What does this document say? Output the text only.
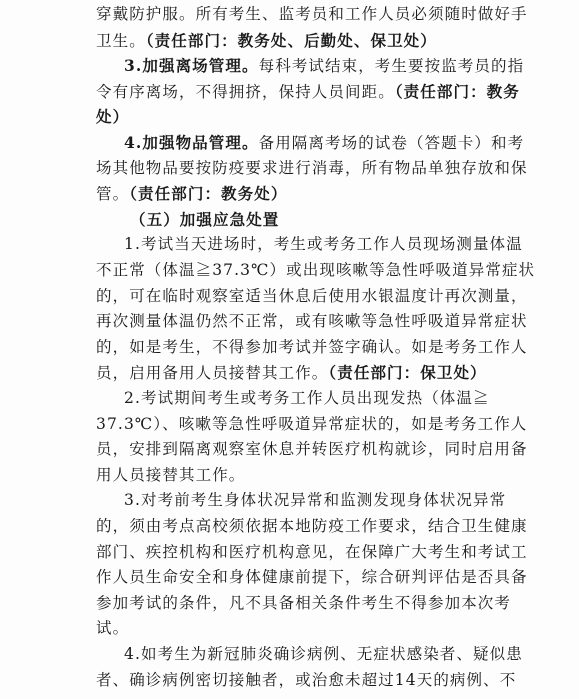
穿戴防护服。所有考生、监考员和工作人员必须随时做好手
卫生。（责任部门：教务处、后勤处、保卫处）
3.加强离场管理。每科考试结束，考生要按监考员的指
令有序离场，不得拥挤，保持人员间距。（责任部门：教务
处）
4.加强物品管理。备用隔离考场的试卷（答题卡）和考
场其他物品要按防疫要求进行消毒，所有物品单独存放和保
管。（责任部门：教务处）
（五）加强应急处置
1.考试当天进场时，考生或考务工作人员现场测量体温
不正常（体温≧37.3℃）或出现咳嗽等急性呼吸道异常症状
的，可在临时观察室适当休息后使用水银温度计再次测量，
再次测量体温仍然不正常，或有咳嗽等急性呼吸道异常症状
的，如是考生，不得参加考试并签字确认。如是考务工作人
员，启用备用人员接替其工作。（责任部门：保卫处）
2.考试期间考生或考务工作人员出现发热（体温≧
37.3℃）、咳嗽等急性呼吸道异常症状的，如是考务工作人
员，安排到隔离观察室休息并转医疗机构就诊，同时启用备
用人员接替其工作。
3.对考前考生身体状况异常和监测发现身体状况异常
的，须由考点高校须依据本地防疫工作要求，结合卫生健康
部门、疾控机构和医疗机构意见，在保障广大考生和考试工
作人员生命安全和身体健康前提下，综合研判评估是否具备
参加考试的条件，凡不具备相关条件考生不得参加本次考
试。
4.如考生为新冠肺炎确诊病例、无症状感染者、疑似患
者、确诊病例密切接触者，或治愈未超过14天的病例、不
